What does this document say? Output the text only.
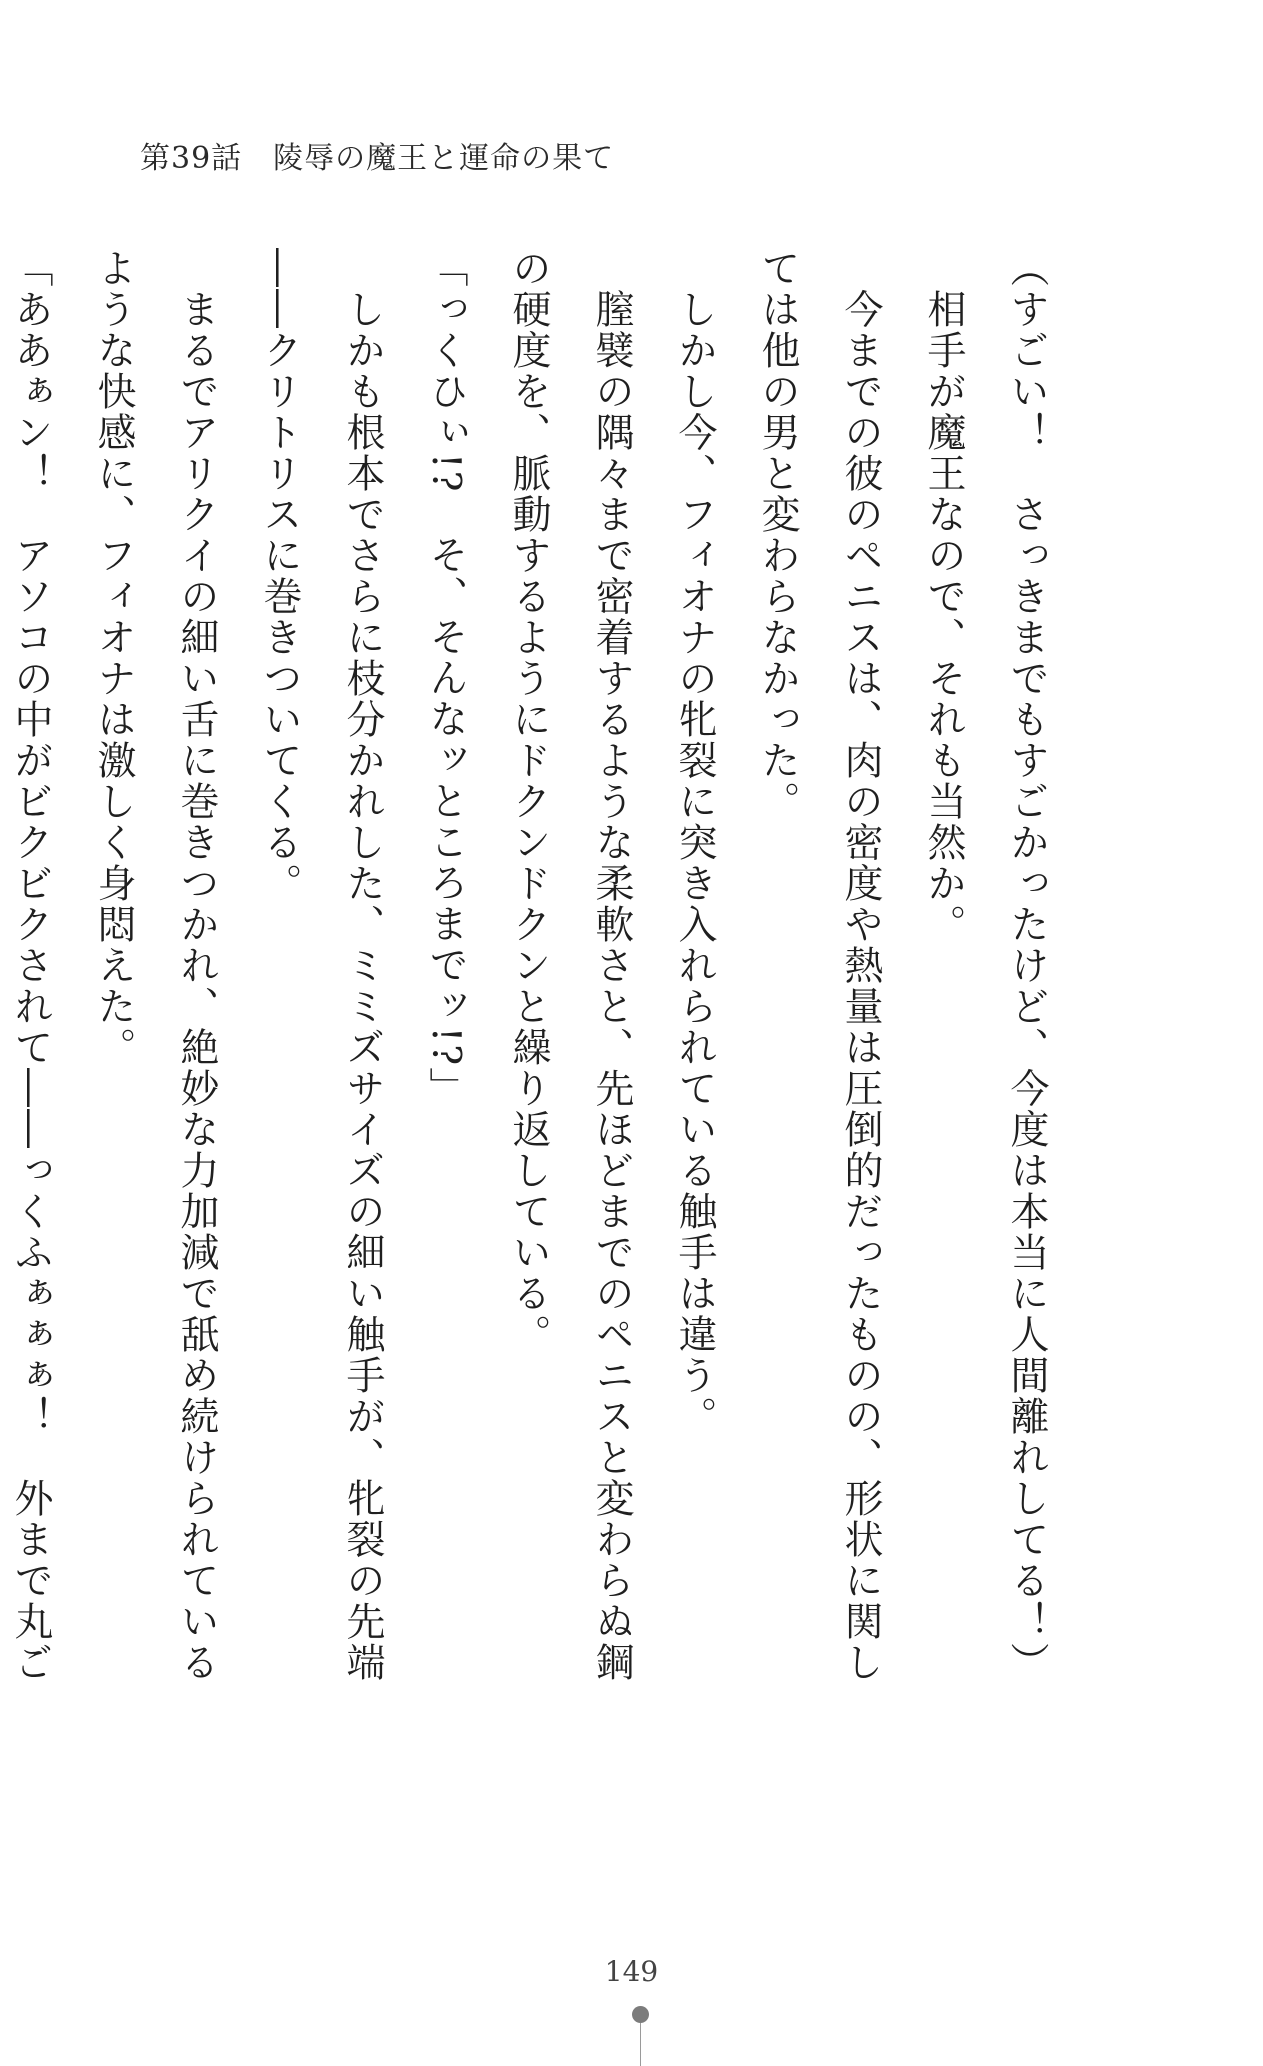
第39話　陵辱の魔王と運命の果て

（すごい！　さっきまでもすごかったけど、今度は本当に人間離れしてる！）

　相手が魔王なので、それも当然か。

　今までの彼のペニスは、肉の密度や熱量は圧倒的だったものの、形状に関しては他の男と変わらなかった。

　しかし今、フィオナの牝裂に突き入れられている触手は違う。

　膣襞の隅々まで密着するような柔軟さと、先ほどまでのペニスと変わらぬ鋼の硬度を、脈動するようにドクンドクンと繰り返している。

「っくひぃ!?　そ、そんなッところまでッ!?」

　しかも根本でさらに枝分かれした、ミミズサイズの細い触手が、牝裂の先端――クリトリスに巻きついてくる。

　まるでアリクイの細い舌に巻きつかれ、絶妙な力加減で舐め続けられているような快感に、フィオナは激しく身悶えた。

「ああぁン！　アソコの中がビクビクされて――っくふぁぁぁ！　外まで丸ご

149
